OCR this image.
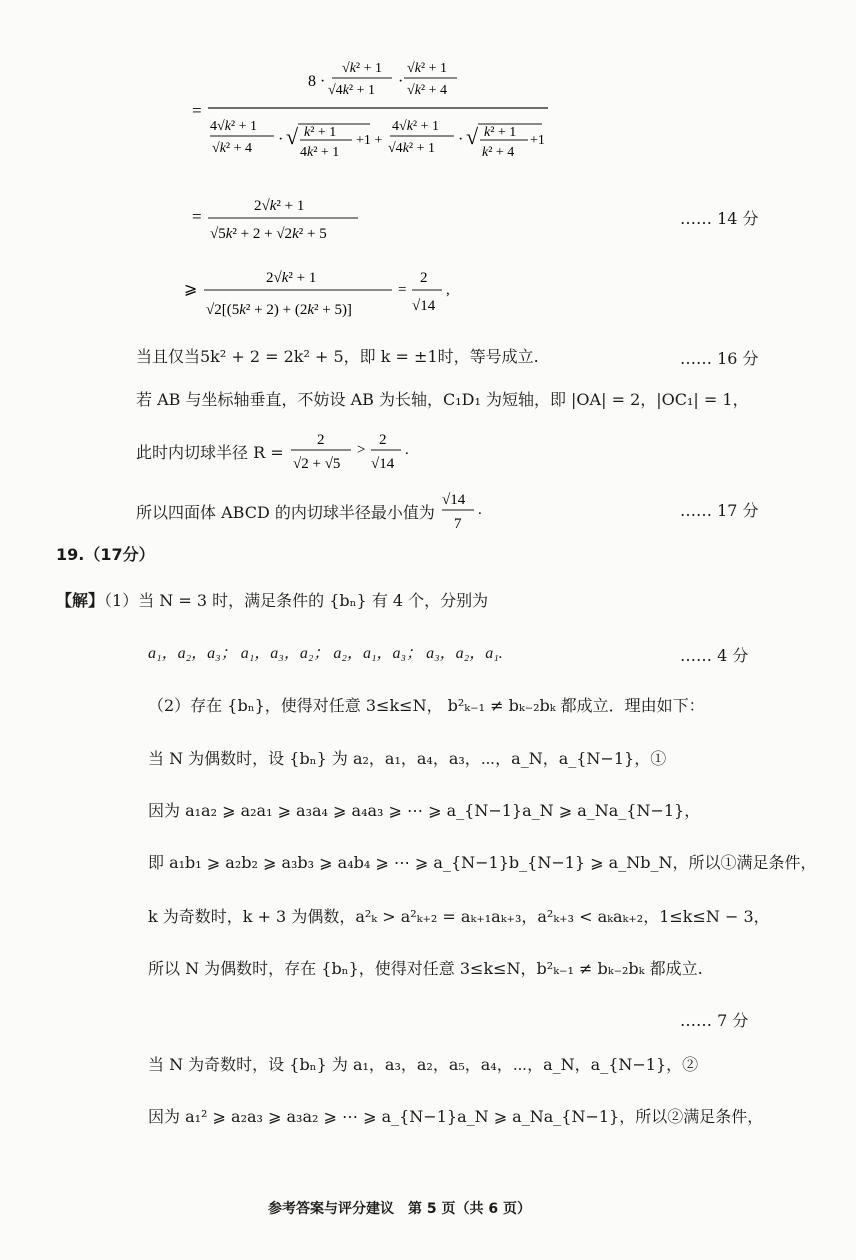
=
8 ·
√k² + 1
√4k² + 1
·
√k² + 1
√k² + 4
4√k² + 1
√k² + 4
· √ k² + 1
4k² + 1
+1 +
4√k² + 1
√4k² + 1
· √ k² + 1
k² + 4
+1
=
2√k² + 1
√5k² + 2 + √2k² + 5
…… 14 分
⩾
2√k² + 1
√2[(5k² + 2) + (2k² + 5)]
=
2
√14
,
当且仅当5k² + 2 = 2k² + 5，即 k = ±1时，等号成立.	…… 16 分
若 AB 与坐标轴垂直，不妨设 AB 为长轴，C₁D₁ 为短轴，即 |OA| = 2，|OC₁| = 1，
此时内切球半径 R =
2
√2 + √5
>
2
√14
.
所以四面体 ABCD 的内切球半径最小值为
√14
7
.	…… 17 分
19.（17分）
【解】（1）当 N = 3 时，满足条件的 {bₙ} 有 4 个，分别为
a₁，a₂，a₃； a₁，a₃，a₂； a₂，a₁，a₃； a₃，a₂，a₁.	…… 4 分
（2）存在 {bₙ}，使得对任意 3≤k≤N， b²ₖ₋₁ ≠ bₖ₋₂bₖ 都成立．理由如下：
当 N 为偶数时，设 {bₙ} 为 a₂，a₁，a₄，a₃，⋯，a_N，a_{N−1}，①
因为 a₁a₂ ⩾ a₂a₁ ⩾ a₃a₄ ⩾ a₄a₃ ⩾ ⋯ ⩾ a_{N−1}a_N ⩾ a_Na_{N−1}，
即 a₁b₁ ⩾ a₂b₂ ⩾ a₃b₃ ⩾ a₄b₄ ⩾ ⋯ ⩾ a_{N−1}b_{N−1} ⩾ a_Nb_N，所以①满足条件，
k 为奇数时，k + 3 为偶数，a²ₖ > a²ₖ₊₂ = aₖ₊₁aₖ₊₃，a²ₖ₊₃ < aₖaₖ₊₂，1≤k≤N − 3，
所以 N 为偶数时，存在 {bₙ}，使得对任意 3≤k≤N，b²ₖ₋₁ ≠ bₖ₋₂bₖ 都成立.
…… 7 分
当 N 为奇数时，设 {bₙ} 为 a₁，a₃，a₂，a₅，a₄，⋯，a_N，a_{N−1}，②
因为 a₁² ⩾ a₂a₃ ⩾ a₃a₂ ⩾ ⋯ ⩾ a_{N−1}a_N ⩾ a_Na_{N−1}，所以②满足条件，
参考答案与评分建议　第 5 页（共 6 页）
